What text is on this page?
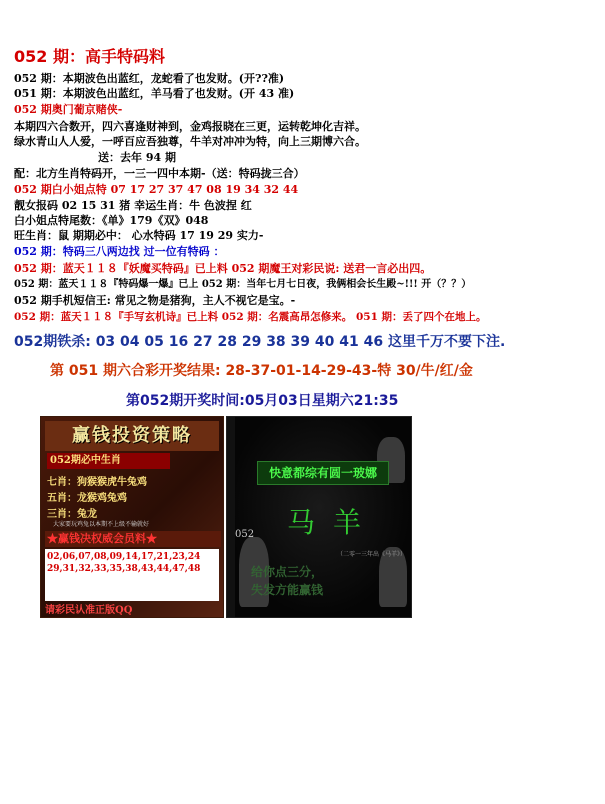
052 期：高手特码料
052 期：本期波色出蓝红，龙蛇看了也发财。(开??准)
051 期：本期波色出蓝红，羊马看了也发财。(开 43 准)
052 期奥门葡京赌侠-
本期四六合数开，四六喜逢财神到，金鸡报晓在三更，运转乾坤化吉祥。
绿水青山人人爱，一呼百应吾独尊，牛羊对冲冲为特，向上三期博六合。
送：去年 94 期
配：北方生肖特码开，一三一四中本期-（送：特码拢三合）
052 期白小姐点特 07 17 27 37 47 08 19 34 32 44
靓女报码 02 15 31 猪 幸运生肖：牛 色波捏 红
白小姐点特尾数：《单》179《双》048
旺生肖：鼠 期期必中： 心水特码 17 19 29 实力-
052 期：特码三八两边找 过一位有特码 ：
052 期：蓝天１１８『妖魔买特码』已上料 052 期魔王对彩民说: 送君一言必出四。
052 期：蓝天１１８『特码爆一爆』已上 052 期：当年七月七日夜，我俩相会长生殿~!!! 开（？？）
052 期手机短信王: 常见之物是猪狗，主人不视它是宝。-
052 期：蓝天１１８『手写玄机诗』已上料 052 期：名震高昂怎修来。 051 期：丢了四个在地上。
052期铁杀: 03 04 05 16 27 28 29 38 39 40 41 46 这里千万不要下注.
第 051 期六合彩开奖结果: 28-37-01-14-29-43-特 30/牛/红/金
第052期开奖时间:05月03日星期六21:35
赢钱投资策略
052期必中生肖
七肖：狗猴猴虎牛兔鸡
五肖：龙猴鸡兔鸡
三肖：兔龙
大家要玩鸡兔以本期不上级不输就好
★赢钱决权威会员料★
02,06,07,08,09,14,17,21,23,24
29,31,32,33,35,38,43,44,47,48
请彩民认准正版QQ
快意都综有圆一玻娜
马羊
052
（二零一三年出《马羊》）
给你点三分，
失发方能赢钱
